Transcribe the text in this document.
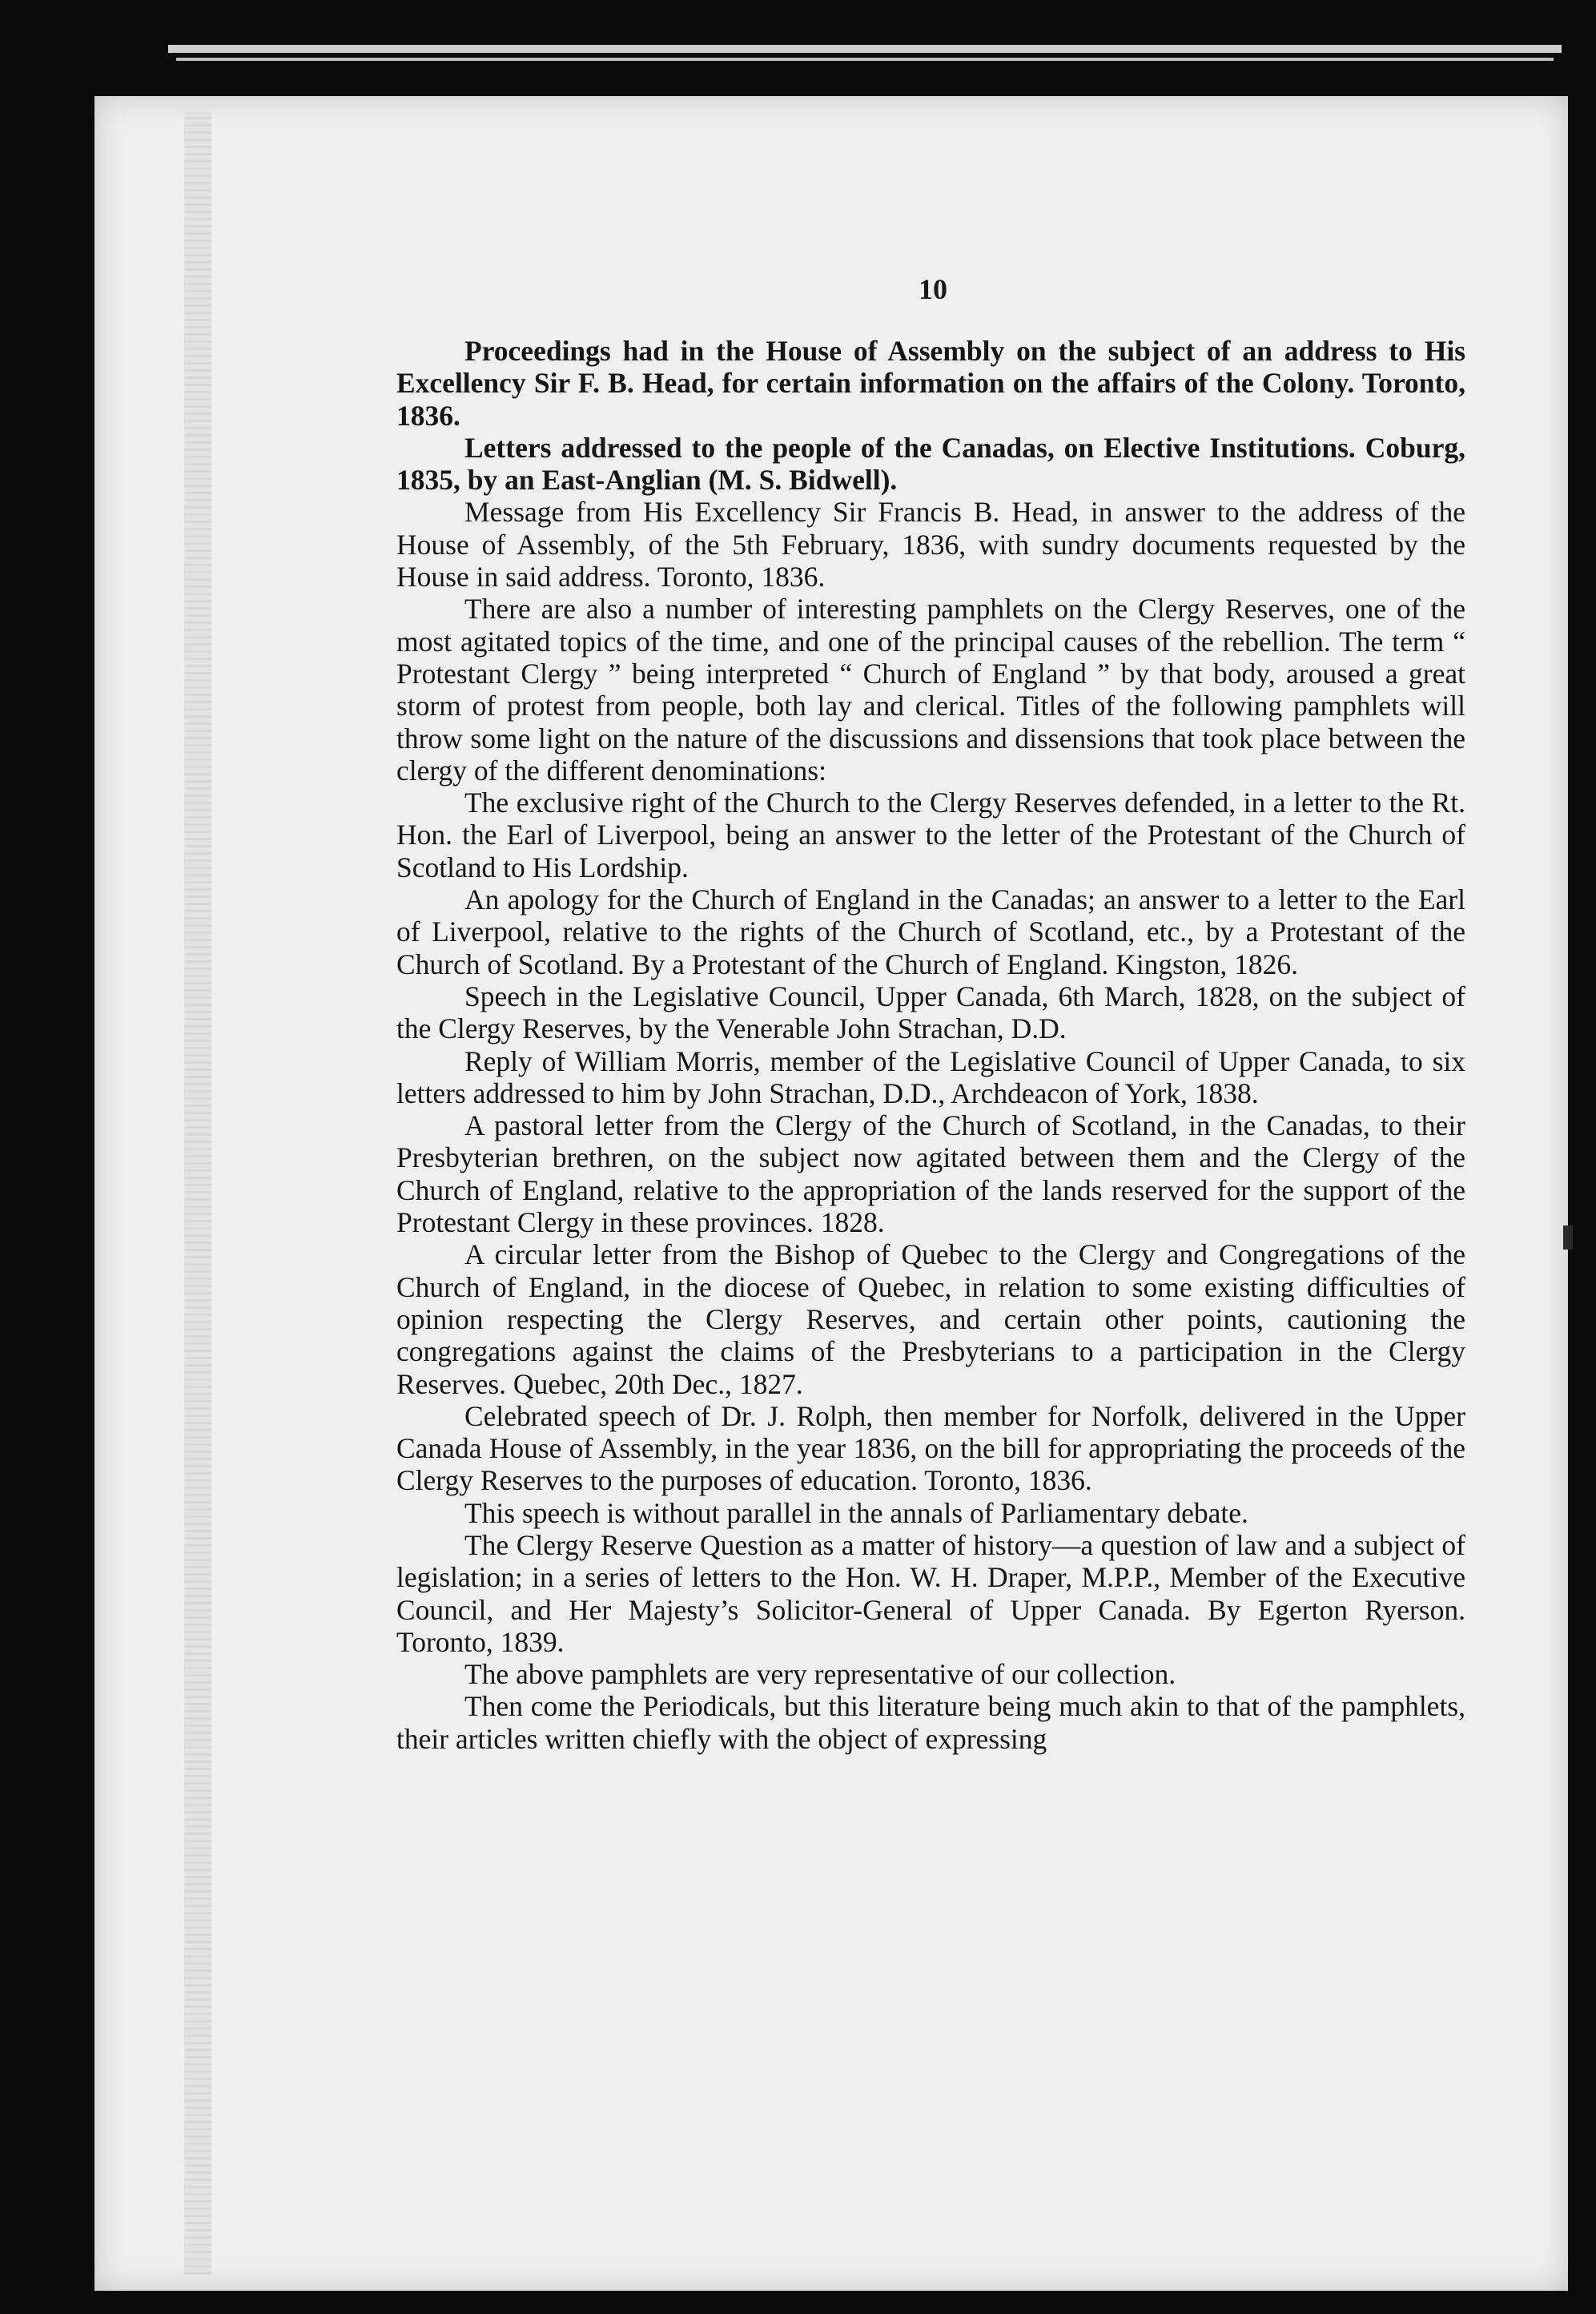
10

Proceedings had in the House of Assembly on the subject of an address to His Excellency Sir F. B. Head, for certain information on the affairs of the Colony. Toronto, 1836.

Letters addressed to the people of the Canadas, on Elective Institutions. Coburg, 1835, by an East-Anglian (M. S. Bidwell).

Message from His Excellency Sir Francis B. Head, in answer to the address of the House of Assembly, of the 5th February, 1836, with sundry documents requested by the House in said address. Toronto, 1836.

There are also a number of interesting pamphlets on the Clergy Reserves, one of the most agitated topics of the time, and one of the principal causes of the rebellion. The term “ Protestant Clergy ” being interpreted “ Church of England ” by that body, aroused a great storm of protest from people, both lay and clerical. Titles of the following pamphlets will throw some light on the nature of the discussions and dissensions that took place between the clergy of the different denominations:

The exclusive right of the Church to the Clergy Reserves defended, in a letter to the Rt. Hon. the Earl of Liverpool, being an answer to the letter of the Protestant of the Church of Scotland to His Lordship.

An apology for the Church of England in the Canadas; an answer to a letter to the Earl of Liverpool, relative to the rights of the Church of Scotland, etc., by a Protestant of the Church of Scotland. By a Protestant of the Church of England. Kingston, 1826.

Speech in the Legislative Council, Upper Canada, 6th March, 1828, on the subject of the Clergy Reserves, by the Venerable John Strachan, D.D.

Reply of William Morris, member of the Legislative Council of Upper Canada, to six letters addressed to him by John Strachan, D.D., Archdeacon of York, 1838.

A pastoral letter from the Clergy of the Church of Scotland, in the Canadas, to their Presbyterian brethren, on the subject now agitated between them and the Clergy of the Church of England, relative to the appropriation of the lands reserved for the support of the Protestant Clergy in these provinces. 1828.

A circular letter from the Bishop of Quebec to the Clergy and Congregations of the Church of England, in the diocese of Quebec, in relation to some existing difficulties of opinion respecting the Clergy Reserves, and certain other points, cautioning the congregations against the claims of the Presbyterians to a participation in the Clergy Reserves. Quebec, 20th Dec., 1827.

Celebrated speech of Dr. J. Rolph, then member for Norfolk, delivered in the Upper Canada House of Assembly, in the year 1836, on the bill for appropriating the proceeds of the Clergy Reserves to the purposes of education. Toronto, 1836.

This speech is without parallel in the annals of Parliamentary debate.

The Clergy Reserve Question as a matter of history—a question of law and a subject of legislation; in a series of letters to the Hon. W. H. Draper, M.P.P., Member of the Executive Council, and Her Majesty’s Solicitor-General of Upper Canada. By Egerton Ryerson. Toronto, 1839.

The above pamphlets are very representative of our collection.

Then come the Periodicals, but this literature being much akin to that of the pamphlets, their articles written chiefly with the object of expressing
